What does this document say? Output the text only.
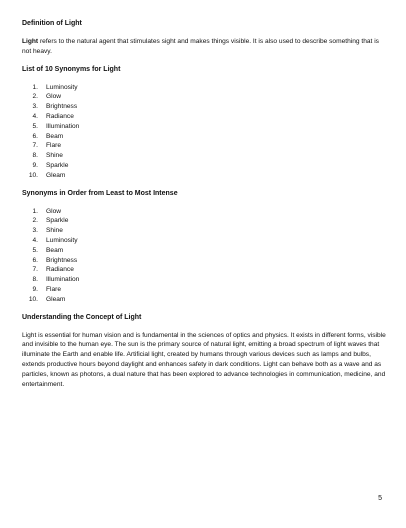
Definition of Light

Light refers to the natural agent that stimulates sight and makes things visible. It is also used to describe something that is not heavy.

List of 10 Synonyms for Light
1. Luminosity
2. Glow
3. Brightness
4. Radiance
5. Illumination
6. Beam
7. Flare
8. Shine
9. Sparkle
10. Gleam
Synonyms in Order from Least to Most Intense
1. Glow
2. Sparkle
3. Shine
4. Luminosity
5. Beam
6. Brightness
7. Radiance
8. Illumination
9. Flare
10. Gleam
Understanding the Concept of Light

Light is essential for human vision and is fundamental in the sciences of optics and physics. It exists in different forms, visible and invisible to the human eye. The sun is the primary source of natural light, emitting a broad spectrum of light waves that illuminate the Earth and enable life. Artificial light, created by humans through various devices such as lamps and bulbs, extends productive hours beyond daylight and enhances safety in dark conditions. Light can behave both as a wave and as particles, known as photons, a dual nature that has been explored to advance technologies in communication, medicine, and entertainment.

5
